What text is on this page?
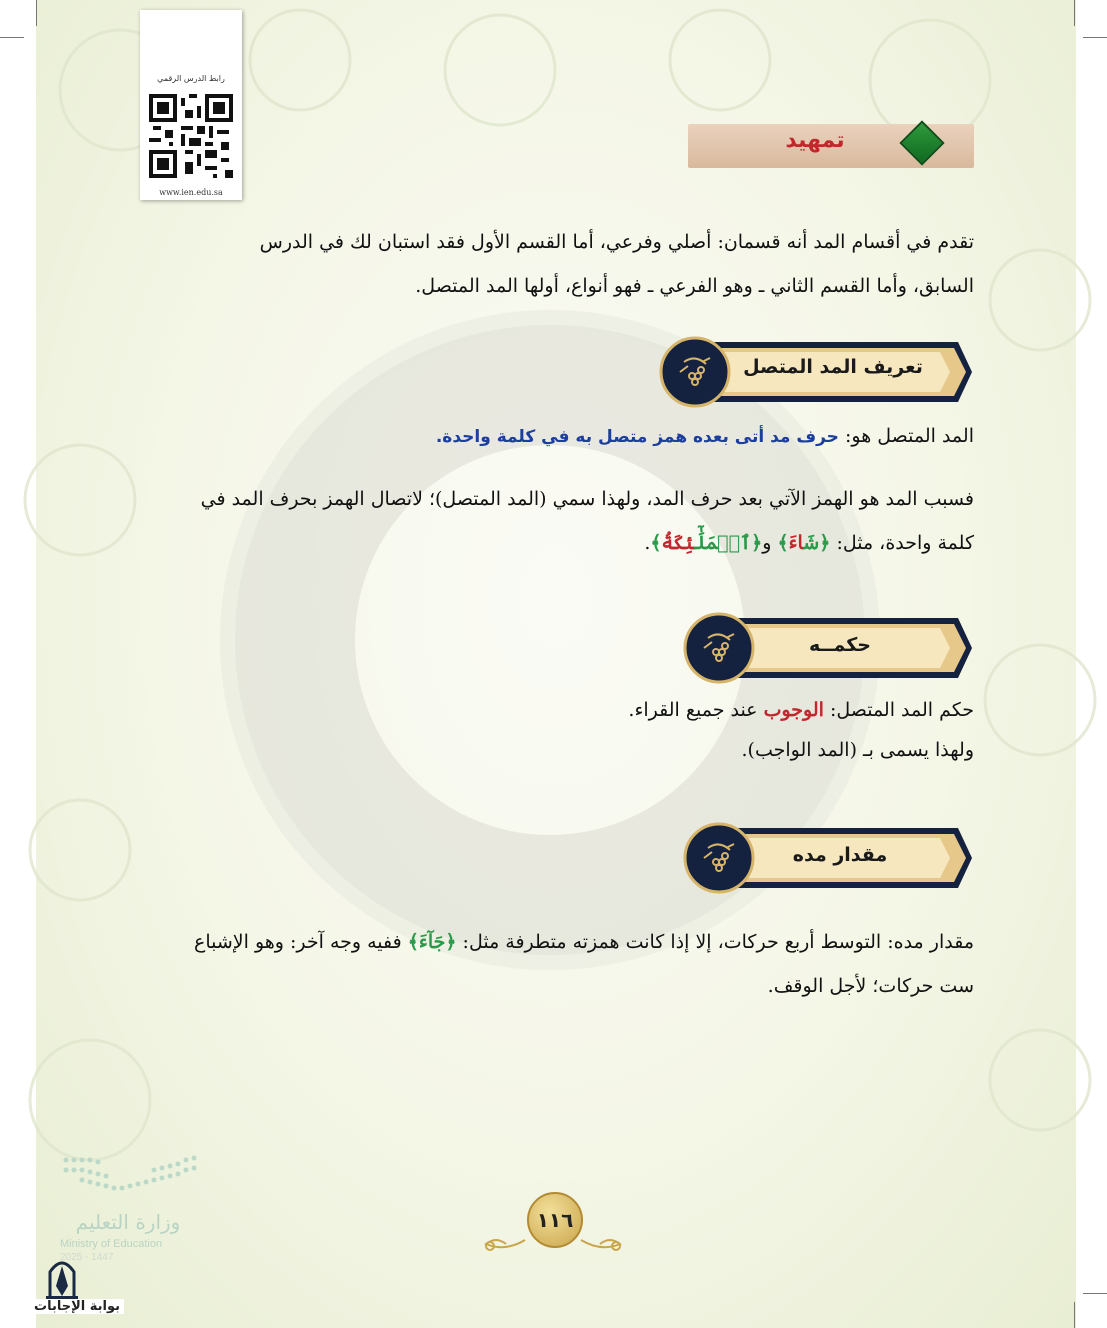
رابط الدرس الرقمي
www.ien.edu.sa
تمهيد
تقدم في أقسام المد أنه قسمان: أصلي وفرعي، أما القسم الأول فقد استبان لك في الدرس
السابق، وأما القسم الثاني ـ وهو الفرعي ـ فهو أنواع، أولها المد المتصل.
تعريف المد المتصل
المد المتصل هو: حرف مد أتى بعده همز متصل به في كلمة واحدة.
فسبب المد هو الهمز الآتي بعد حرف المد، ولهذا سمي (المد المتصل)؛ لاتصال الهمز بحرف المد في
كلمة واحدة، مثل: ﴿شَاءَ﴾ و﴿ٱلۡمَلَٰٓئِكَةُ﴾.
حكمــه
حكم المد المتصل: الوجوب عند جميع القراء.
ولهذا يسمى بـ (المد الواجب).
مقدار مده
مقدار مده: التوسط أربع حركات، إلا إذا كانت همزته متطرفة مثل: ﴿جَآءَ﴾ ففيه وجه آخر: وهو الإشباع
ست حركات؛ لأجل الوقف.
١١٦
وزارة التعليم
Ministry of Education
2025 - 1447
بوابة الإجابات
